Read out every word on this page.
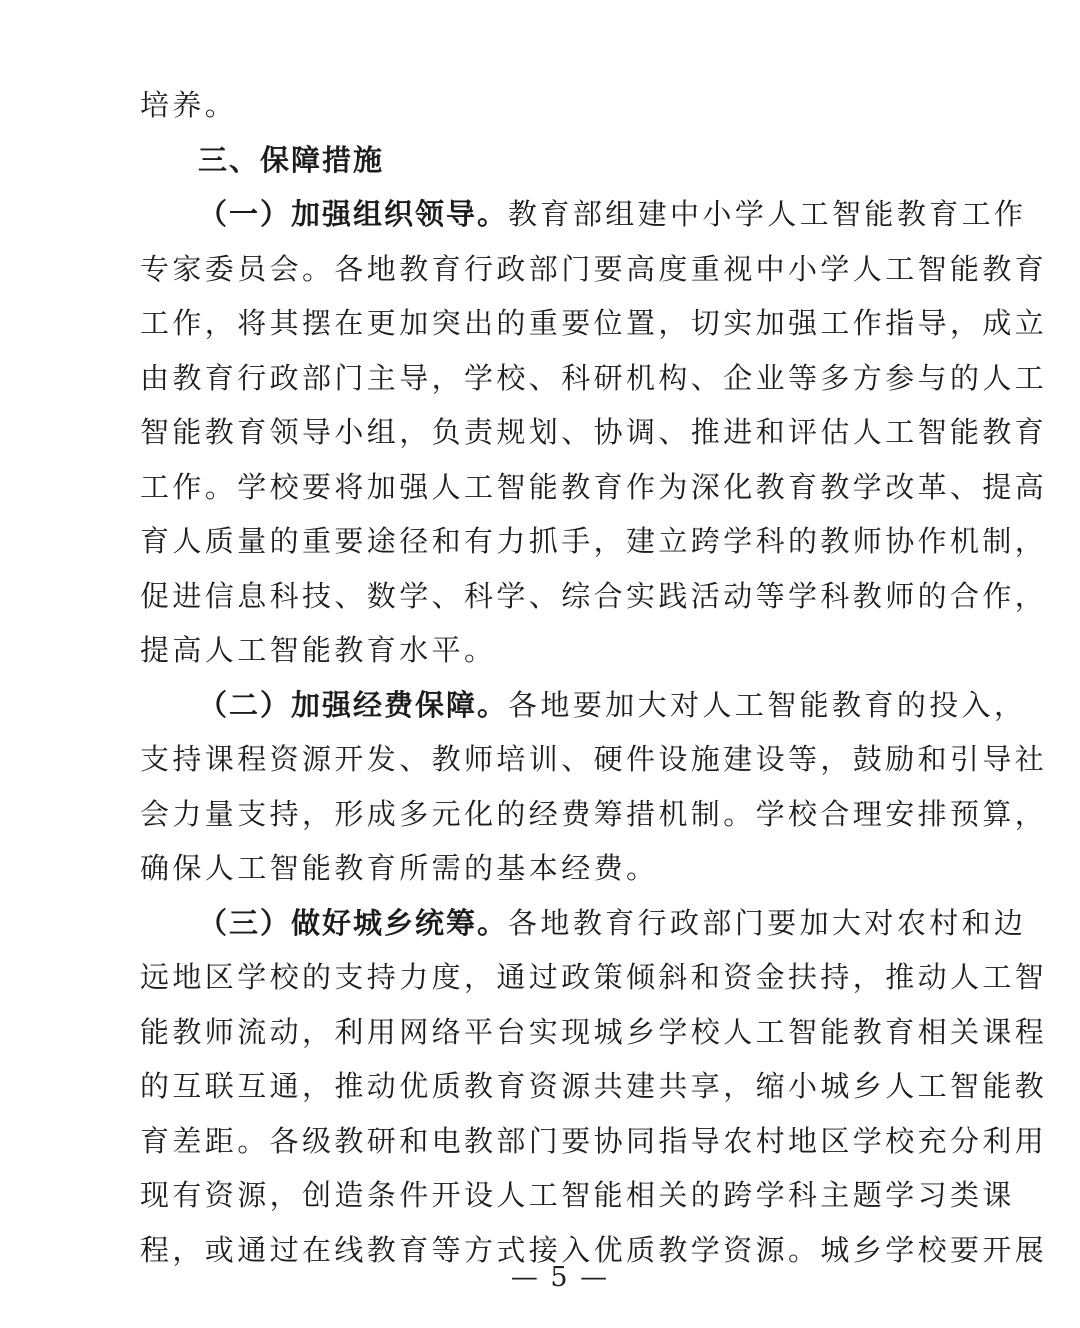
培养。
三、保障措施
（一）加强组织领导。教育部组建中小学人工智能教育工作
专家委员会。各地教育行政部门要高度重视中小学人工智能教育
工作，将其摆在更加突出的重要位置，切实加强工作指导，成立
由教育行政部门主导，学校、科研机构、企业等多方参与的人工
智能教育领导小组，负责规划、协调、推进和评估人工智能教育
工作。学校要将加强人工智能教育作为深化教育教学改革、提高
育人质量的重要途径和有力抓手，建立跨学科的教师协作机制，
促进信息科技、数学、科学、综合实践活动等学科教师的合作，
提高人工智能教育水平。
（二）加强经费保障。各地要加大对人工智能教育的投入，
支持课程资源开发、教师培训、硬件设施建设等，鼓励和引导社
会力量支持，形成多元化的经费筹措机制。学校合理安排预算，
确保人工智能教育所需的基本经费。
（三）做好城乡统筹。各地教育行政部门要加大对农村和边
远地区学校的支持力度，通过政策倾斜和资金扶持，推动人工智
能教师流动，利用网络平台实现城乡学校人工智能教育相关课程
的互联互通，推动优质教育资源共建共享，缩小城乡人工智能教
育差距。各级教研和电教部门要协同指导农村地区学校充分利用
现有资源，创造条件开设人工智能相关的跨学科主题学习类课
程，或通过在线教育等方式接入优质教学资源。城乡学校要开展
— 5 —
